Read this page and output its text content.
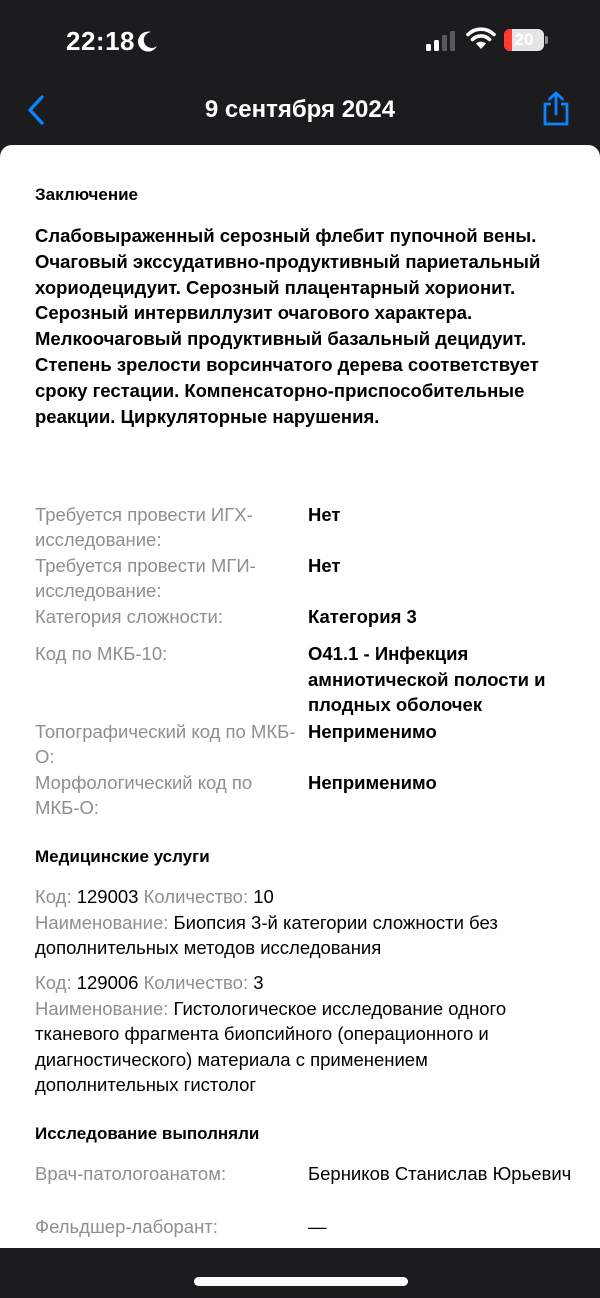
22:18	20
9 сентября 2024
Заключение
Слабовыраженный серозный флебит пупочной вены. Очаговый экссудативно-продуктивный париетальный хориодецидуит. Серозный плацентарный хорионит. Серозный интервиллузит очагового характера. Мелкоочаговый продуктивный базальный децидуит. Степень зрелости ворсинчатого дерева соответствует сроку гестации. Компенсаторно-приспособительные реакции. Циркуляторные нарушения.
Требуется провести ИГХ-исследование:
Нет
Требуется провести МГИ-исследование:
Нет
Категория сложности:	Категория 3
Код по МКБ-10:	O41.1 - Инфекция амниотической полости и плодных оболочек
Топографический код по МКБ-О:
Неприменимо
Морфологический код по МКБ-О:
Неприменимо
Медицинские услуги
Код: 129003 Количество: 10
Наименование: Биопсия 3-й категории сложности без дополнительных методов исследования
Код: 129006 Количество: 3
Наименование: Гистологическое исследование одного тканевого фрагмента биопсийного (операционного и диагностического) материала с применением дополнительных гистолог
Исследование выполняли
Врач-патологоанатом:	Берников Станислав Юрьевич
Фельдшер-лаборант:	—
